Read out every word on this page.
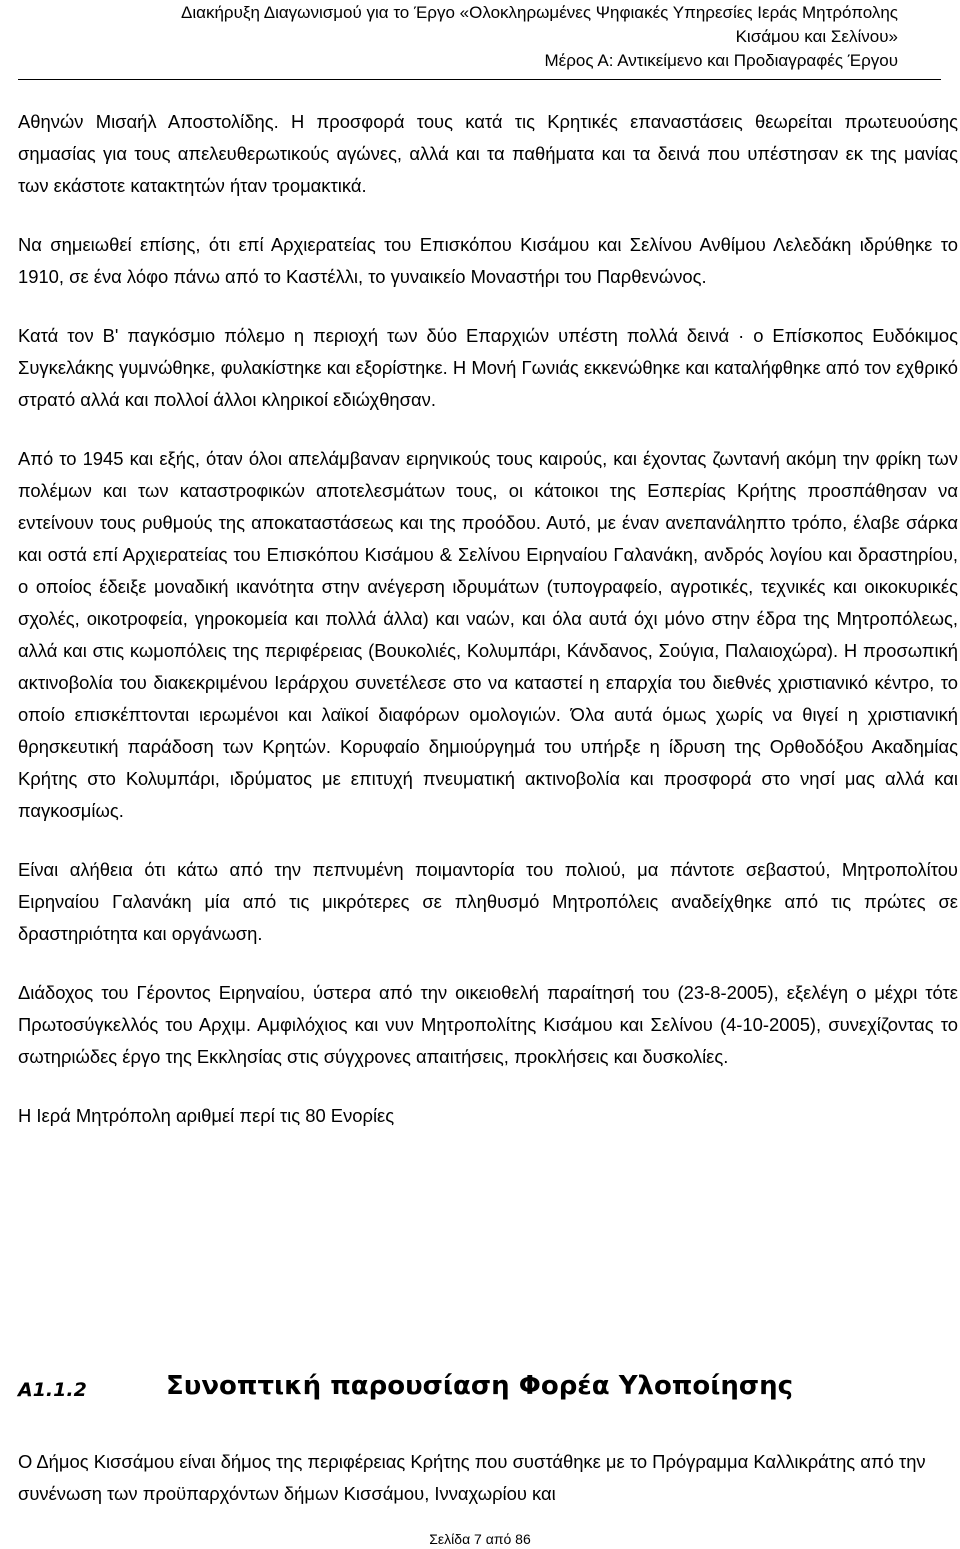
Διακήρυξη Διαγωνισμού για το Έργο «Ολοκληρωμένες Ψηφιακές Υπηρεσίες Ιεράς Μητρόπολης
Κισάμου και Σελίνου»
Μέρος Α: Αντικείμενο και Προδιαγραφές Έργου

Αθηνών Μισαήλ Αποστολίδης. Η προσφορά τους κατά τις Κρητικές επαναστάσεις θεωρείται πρωτευούσης σημασίας για τους απελευθερωτικούς αγώνες, αλλά και τα παθήματα και τα δεινά που υπέστησαν εκ της μανίας των εκάστοτε κατακτητών ήταν τρομακτικά.

Να σημειωθεί επίσης, ότι επί Αρχιερατείας του Επισκόπου Κισάμου και Σελίνου Ανθίμου Λελεδάκη ιδρύθηκε το 1910, σε ένα λόφο πάνω από το Καστέλλι, το γυναικείο Μοναστήρι του Παρθενώνος.

Κατά τον Β' παγκόσμιο πόλεμο η περιοχή των δύο Επαρχιών υπέστη πολλά δεινά · ο Επίσκοπος Ευδόκιμος Συγκελάκης γυμνώθηκε, φυλακίστηκε και εξορίστηκε. Η Μονή Γωνιάς εκκενώθηκε και καταλήφθηκε από τον εχθρικό στρατό αλλά και πολλοί άλλοι κληρικοί εδιώχθησαν.

Από το 1945 και εξής, όταν όλοι απελάμβαναν ειρηνικούς τους καιρούς, και έχοντας ζωντανή ακόμη την φρίκη των πολέμων και των καταστροφικών αποτελεσμάτων τους, οι κάτοικοι της Εσπερίας Κρήτης προσπάθησαν να εντείνουν τους ρυθμούς της αποκαταστάσεως και της προόδου. Αυτό, με έναν ανεπανάληπτο τρόπο, έλαβε σάρκα και οστά επί Αρχιερατείας του Επισκόπου Κισάμου & Σελίνου Ειρηναίου Γαλανάκη, ανδρός λογίου και δραστηρίου, ο οποίος έδειξε μοναδική ικανότητα στην ανέγερση ιδρυμάτων (τυπογραφείο, αγροτικές, τεχνικές και οικοκυρικές σχολές, οικοτροφεία, γηροκομεία και πολλά άλλα) και ναών, και όλα αυτά όχι μόνο στην έδρα της Μητροπόλεως, αλλά και στις κωμοπόλεις της περιφέρειας (Βουκολιές, Κολυμπάρι, Κάνδανος, Σούγια, Παλαιοχώρα). Η προσωπική ακτινοβολία του διακεκριμένου Ιεράρχου συνετέλεσε στο να καταστεί η επαρχία του διεθνές χριστιανικό κέντρο, το οποίο επισκέπτονται ιερωμένοι και λαϊκοί διαφόρων ομολογιών. Όλα αυτά όμως χωρίς να θιγεί η χριστιανική θρησκευτική παράδοση των Κρητών. Κορυφαίο δημιούργημά του υπήρξε η ίδρυση της Ορθοδόξου Ακαδημίας Κρήτης στο Κολυμπάρι, ιδρύματος με επιτυχή πνευματική ακτινοβολία και προσφορά στο νησί μας αλλά και παγκοσμίως.

Είναι αλήθεια ότι κάτω από την πεπνυμένη ποιμαντορία του πολιού, μα πάντοτε σεβαστού, Μητροπολίτου Ειρηναίου Γαλανάκη μία από τις μικρότερες σε πληθυσμό Μητροπόλεις αναδείχθηκε από τις πρώτες σε δραστηριότητα και οργάνωση.

Διάδοχος του Γέροντος Ειρηναίου, ύστερα από την οικειοθελή παραίτησή του (23-8-2005), εξελέγη ο μέχρι τότε Πρωτοσύγκελλός του Αρχιμ. Αμφιλόχιος και νυν Μητροπολίτης Κισάμου και Σελίνου (4-10-2005), συνεχίζοντας το σωτηριώδες έργο της Εκκλησίας στις σύγχρονες απαιτήσεις, προκλήσεις και δυσκολίες.

Η Ιερά Μητρόπολη αριθμεί περί τις 80 Ενορίες

Α1.1.2	Συνοπτική παρουσίαση Φορέα Υλοποίησης

Ο Δήμος Κισσάμου είναι δήμος της περιφέρειας Κρήτης που συστάθηκε με το Πρόγραμμα Καλλικράτης από την συνένωση των προϋπαρχόντων δήμων Κισσάμου, Ινναχωρίου και

Σελίδα 7 από 86
